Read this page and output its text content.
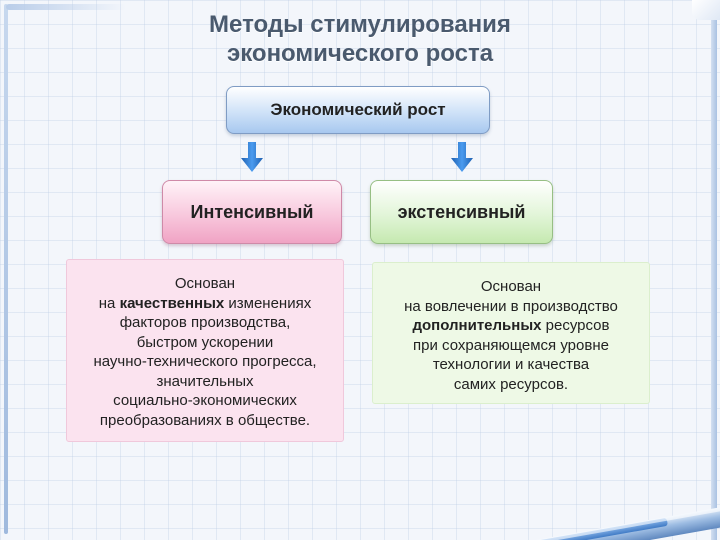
Методы стимулирования
экономического роста
Экономический рост
Интенсивный	экстенсивный
Основан
на качественных изменениях
факторов производства,
быстром ускорении
научно-технического прогресса,
значительных
социально-экономических
преобразованиях в обществе.
Основан
на вовлечении в производство
дополнительных ресурсов
при сохраняющемся уровне
технологии и качества
самих ресурсов.
